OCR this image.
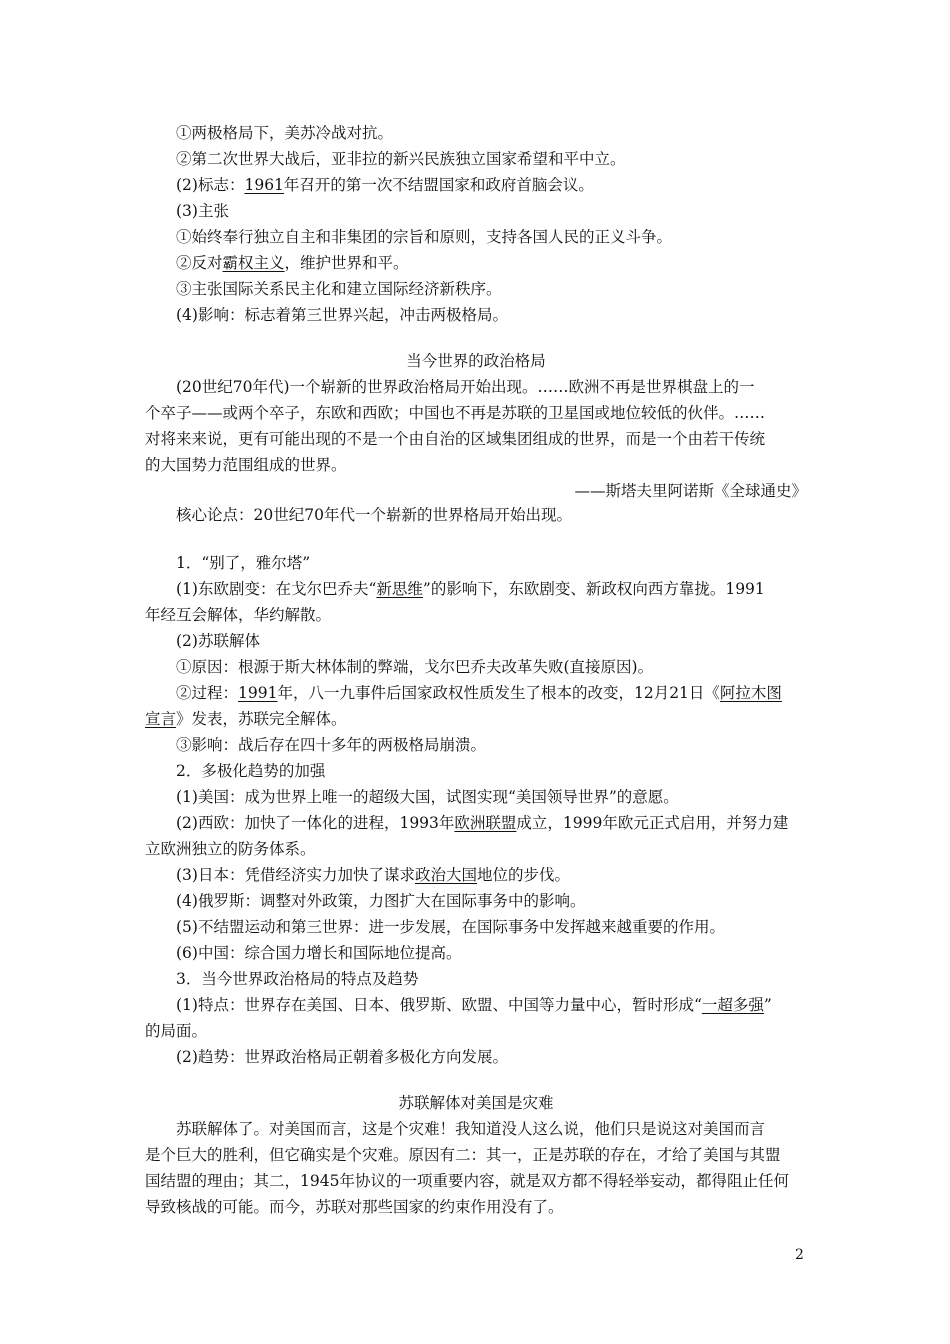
①两极格局下，美苏冷战对抗。
②第二次世界大战后，亚非拉的新兴民族独立国家希望和平中立。
(2)标志：1961年召开的第一次不结盟国家和政府首脑会议。
(3)主张
①始终奉行独立自主和非集团的宗旨和原则，支持各国人民的正义斗争。
②反对霸权主义，维护世界和平。
③主张国际关系民主化和建立国际经济新秩序。
(4)影响：标志着第三世界兴起，冲击两极格局。
当今世界的政治格局
(20世纪70年代)一个崭新的世界政治格局开始出现。……欧洲不再是世界棋盘上的一
个卒子——或两个卒子，东欧和西欧；中国也不再是苏联的卫星国或地位较低的伙伴。……
对将来来说，更有可能出现的不是一个由自治的区域集团组成的世界，而是一个由若干传统
的大国势力范围组成的世界。
——斯塔夫里阿诺斯《全球通史》
核心论点：20世纪70年代一个崭新的世界格局开始出现。
1．“别了，雅尔塔”
(1)东欧剧变：在戈尔巴乔夫“新思维”的影响下，东欧剧变、新政权向西方靠拢。1991
年经互会解体，华约解散。
(2)苏联解体
①原因：根源于斯大林体制的弊端，戈尔巴乔夫改革失败(直接原因)。
②过程：1991年，八一九事件后国家政权性质发生了根本的改变，12月21日《阿拉木图
宣言》发表，苏联完全解体。
③影响：战后存在四十多年的两极格局崩溃。
2．多极化趋势的加强
(1)美国：成为世界上唯一的超级大国，试图实现“美国领导世界”的意愿。
(2)西欧：加快了一体化的进程，1993年欧洲联盟成立，1999年欧元正式启用，并努力建
立欧洲独立的防务体系。
(3)日本：凭借经济实力加快了谋求政治大国地位的步伐。
(4)俄罗斯：调整对外政策，力图扩大在国际事务中的影响。
(5)不结盟运动和第三世界：进一步发展，在国际事务中发挥越来越重要的作用。
(6)中国：综合国力增长和国际地位提高。
3．当今世界政治格局的特点及趋势
(1)特点：世界存在美国、日本、俄罗斯、欧盟、中国等力量中心，暂时形成“一超多强”
的局面。
(2)趋势：世界政治格局正朝着多极化方向发展。
苏联解体对美国是灾难
苏联解体了。对美国而言，这是个灾难！我知道没人这么说，他们只是说这对美国而言
是个巨大的胜利，但它确实是个灾难。原因有二：其一，正是苏联的存在，才给了美国与其盟
国结盟的理由；其二，1945年协议的一项重要内容，就是双方都不得轻举妄动，都得阻止任何
导致核战的可能。而今，苏联对那些国家的约束作用没有了。
2
